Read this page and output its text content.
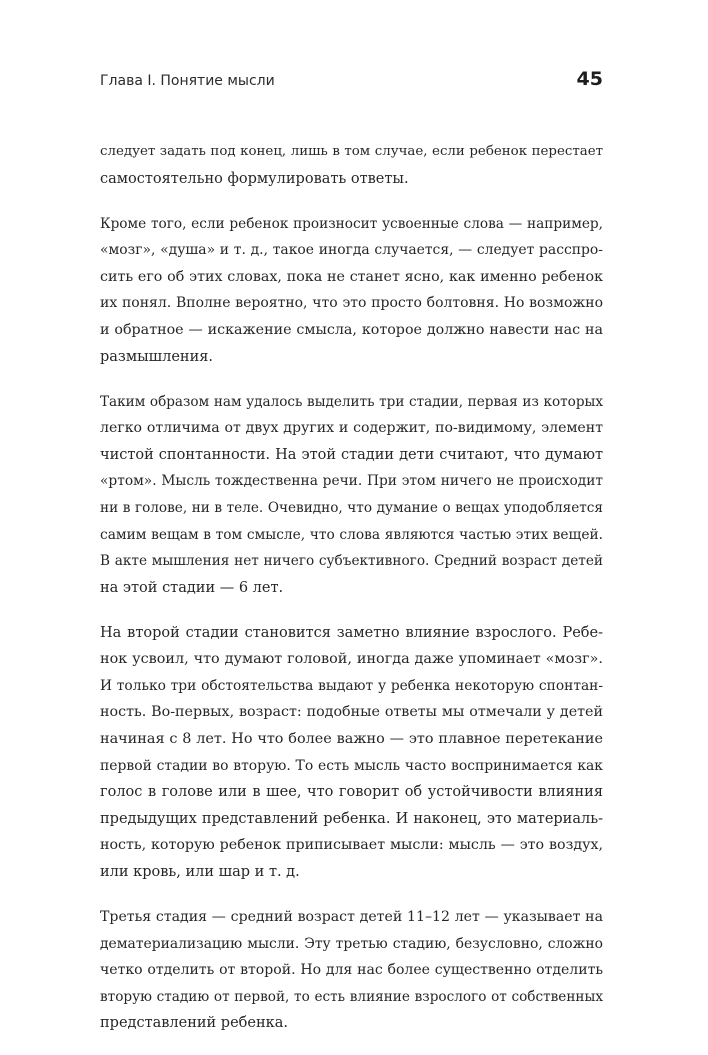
Глава I. Понятие мысли	45

следует задать под конец, лишь в том случае, если ребенок перестает
самостоятельно формулировать ответы.

Кроме того, если ребенок произносит усвоенные слова — например,
«мозг», «душа» и т. д., такое иногда случается, — следует расспро-
сить его об этих словах, пока не станет ясно, как именно ребенок
их понял. Вполне вероятно, что это просто болтовня. Но возможно
и обратное — искажение смысла, которое должно навести нас на
размышления.

Таким образом нам удалось выделить три стадии, первая из которых
легко отличима от двух других и содержит, по-видимому, элемент
чистой спонтанности. На этой стадии дети считают, что думают
«ртом». Мысль тождественна речи. При этом ничего не происходит
ни в голове, ни в теле. Очевидно, что думание о вещах уподобляется
самим вещам в том смысле, что слова являются частью этих вещей.
В акте мышления нет ничего субъективного. Средний возраст детей
на этой стадии — 6 лет.

На второй стадии становится заметно влияние взрослого. Ребе-
нок усвоил, что думают головой, иногда даже упоминает «мозг».
И только три обстоятельства выдают у ребенка некоторую спонтан-
ность. Во-первых, возраст: подобные ответы мы отмечали у детей
начиная с 8 лет. Но что более важно — это плавное перетекание
первой стадии во вторую. То есть мысль часто воспринимается как
голос в голове или в шее, что говорит об устойчивости влияния
предыдущих представлений ребенка. И наконец, это материаль-
ность, которую ребенок приписывает мысли: мысль — это воздух,
или кровь, или шар и т. д.

Третья стадия — средний возраст детей 11–12 лет — указывает на
дематериализацию мысли. Эту третью стадию, безусловно, сложно
четко отделить от второй. Но для нас более существенно отделить
вторую стадию от первой, то есть влияние взрослого от собственных
представлений ребенка.
